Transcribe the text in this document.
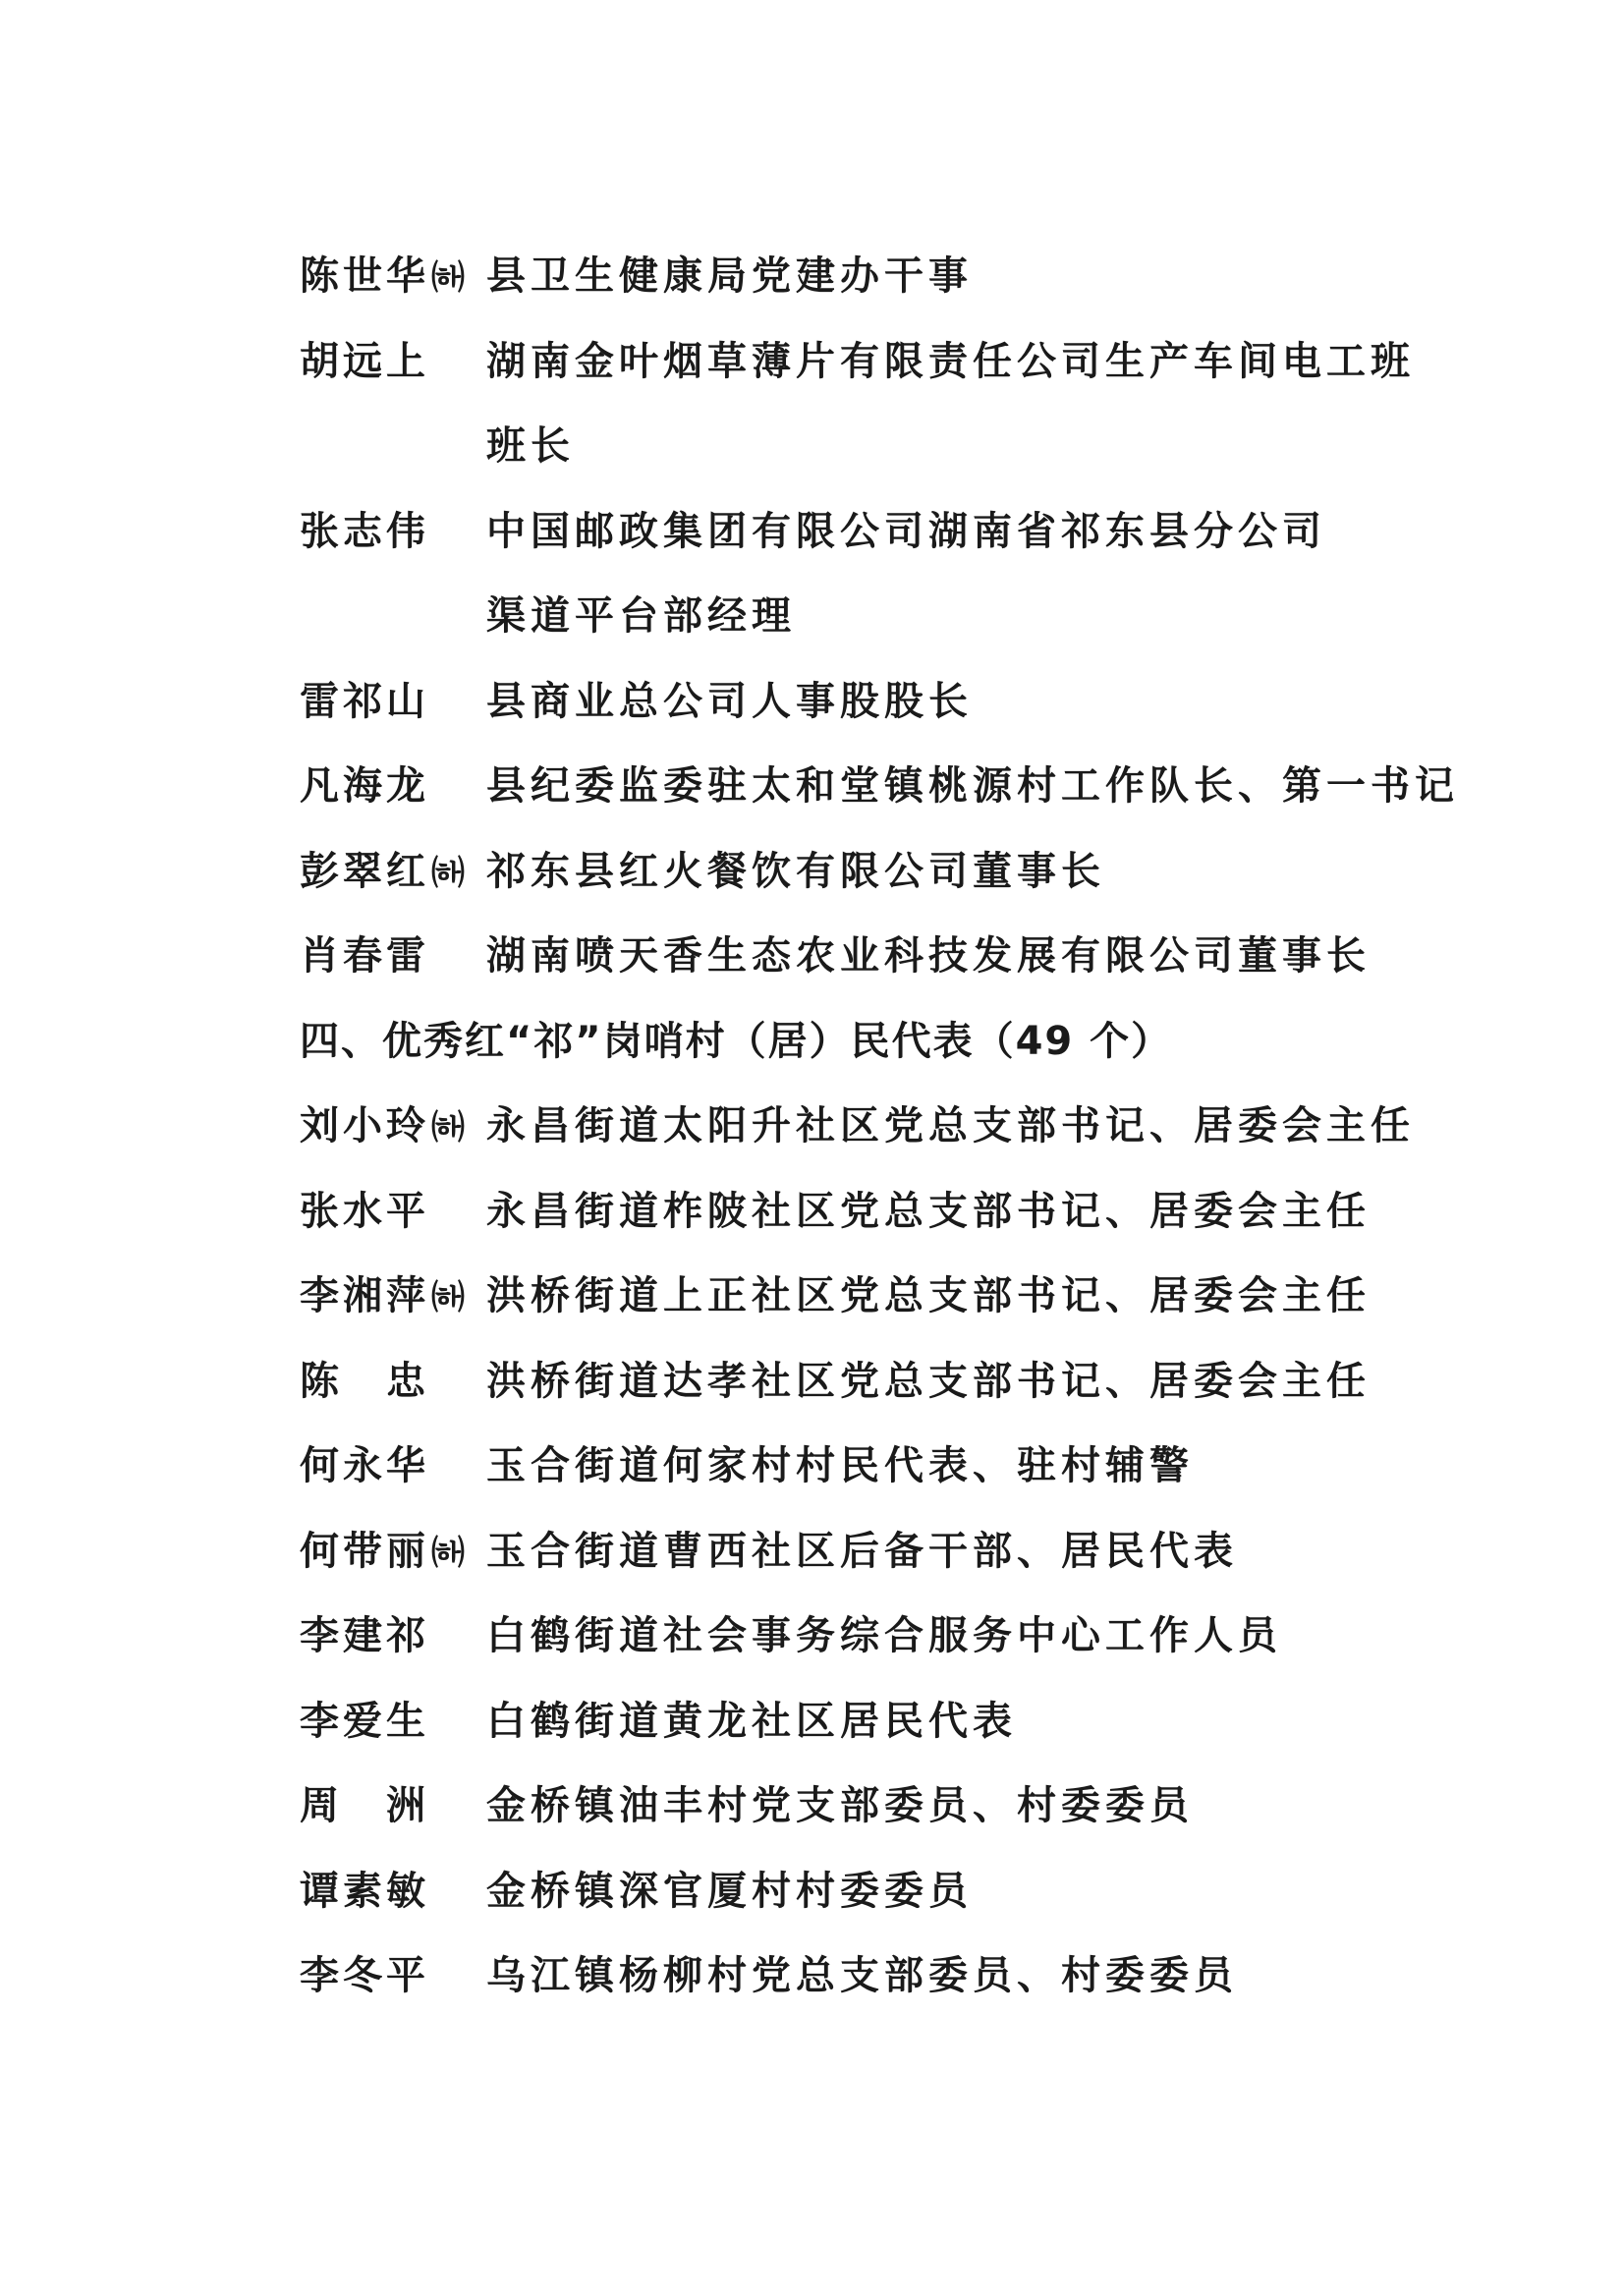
陈世华㈛ 县卫生健康局党建办干事
胡远上 湖南金叶烟草薄片有限责任公司生产车间电工班
班长
张志伟 中国邮政集团有限公司湖南省祁东县分公司
渠道平台部经理
雷祁山 县商业总公司人事股股长
凡海龙 县纪委监委驻太和堂镇桃源村工作队长、第一书记
彭翠红㈛ 祁东县红火餐饮有限公司董事长
肖春雷 湖南喷天香生态农业科技发展有限公司董事长
四、优秀红“祁”岗哨村（居）民代表（49 个）
刘小玲㈛ 永昌街道太阳升社区党总支部书记、居委会主任
张水平 永昌街道柞陂社区党总支部书记、居委会主任
李湘萍㈛ 洪桥街道上正社区党总支部书记、居委会主任
陈　忠 洪桥街道达孝社区党总支部书记、居委会主任
何永华 玉合街道何家村村民代表、驻村辅警
何带丽㈛ 玉合街道曹西社区后备干部、居民代表
李建祁 白鹤街道社会事务综合服务中心工作人员
李爱生 白鹤街道黄龙社区居民代表
周　洲 金桥镇油丰村党支部委员、村委委员
谭素敏 金桥镇深官厦村村委委员
李冬平 乌江镇杨柳村党总支部委员、村委委员
